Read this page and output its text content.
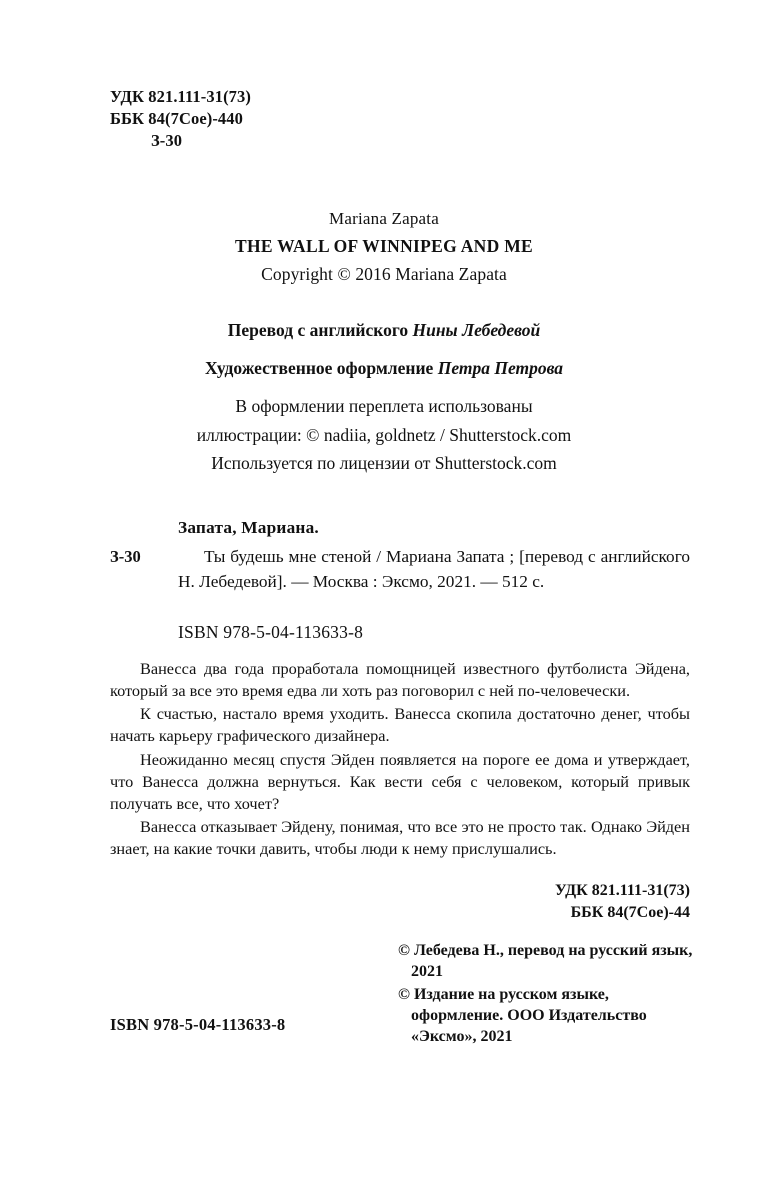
УДК 821.111-31(73)
ББК 84(7Сое)-440
З-30
Mariana Zapata
THE WALL OF WINNIPEG AND ME
Copyright © 2016 Mariana Zapata
Перевод с английского Нины Лебедевой
Художественное оформление Петра Петрова
В оформлении переплета использованы
иллюстрации: © nadiia, goldnetz / Shutterstock.com
Используется по лицензии от Shutterstock.com
Запата, Мариана.
З-30	Ты будешь мне стеной / Мариана Запата ; [перевод с английского Н. Лебедевой]. — Москва : Эксмо, 2021. — 512 с.
ISBN 978-5-04-113633-8

Ванесса два года проработала помощницей известного футболиста Эйдена, который за все это время едва ли хоть раз поговорил с ней по-человечески.

К счастью, настало время уходить. Ванесса скопила достаточно денег, чтобы начать карьеру графического дизайнера.

Неожиданно месяц спустя Эйден появляется на пороге ее дома и утверждает, что Ванесса должна вернуться. Как вести себя с человеком, который привык получать все, что хочет?

Ванесса отказывает Эйдену, понимая, что все это не просто так. Однако Эйден знает, на какие точки давить, чтобы люди к нему прислушались.

УДК 821.111-31(73)
ББК 84(7Сое)-44
© Лебедева Н., перевод на русский язык, 2021
© Издание на русском языке, оформление. ООО Издательство «Эксмо», 2021
ISBN 978-5-04-113633-8
